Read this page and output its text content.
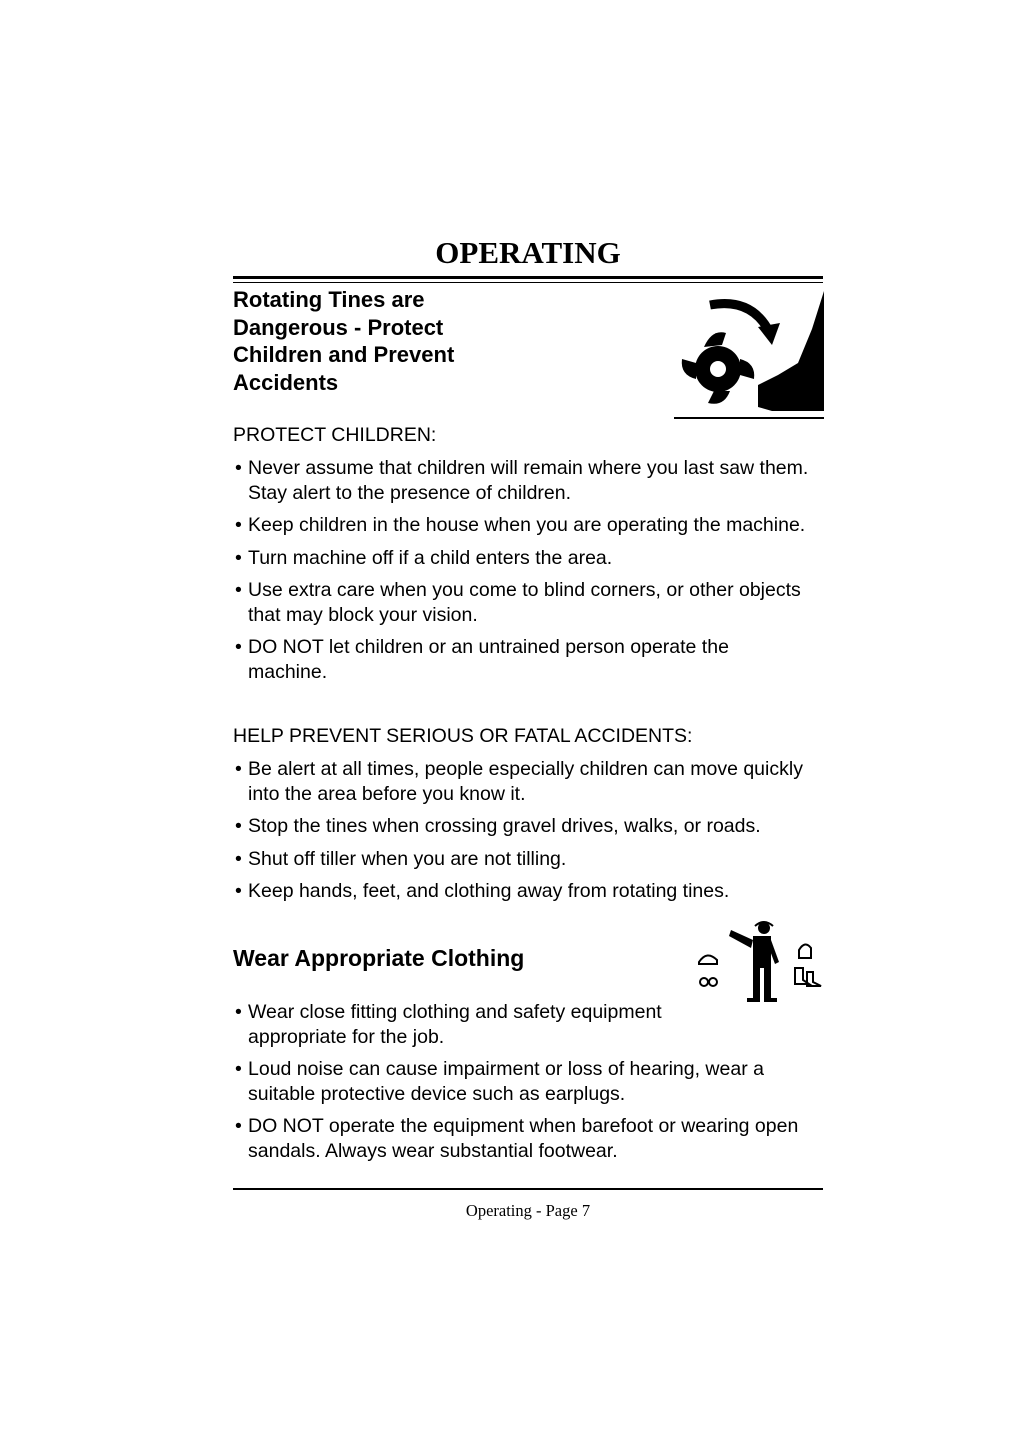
OPERATING
Rotating Tines are
Dangerous - Protect
Children and Prevent
Accidents

PROTECT CHILDREN:

• Never assume that children will remain where you last saw them. Stay alert to the presence of children.
• Keep children in the house when you are operating the machine.
• Turn machine off if a child enters the area.
• Use extra care when you come to blind corners, or other objects that may block your vision.
• DO NOT let children or an untrained person operate the machine.

HELP PREVENT SERIOUS OR FATAL ACCIDENTS:

• Be alert at all times, people especially children can move quickly into the area before you know it.
• Stop the tines when crossing gravel drives, walks, or roads.
• Shut off tiller when you are not tilling.
• Keep hands, feet, and clothing away from rotating tines.
Wear Appropriate Clothing
• Wear close fitting clothing and safety equipment appropriate for the job.
• Loud noise can cause impairment or loss of hearing, wear a suitable protective device such as earplugs.
• DO NOT operate the equipment when barefoot or wearing open sandals. Always wear substantial footwear.
Operating - Page 7
